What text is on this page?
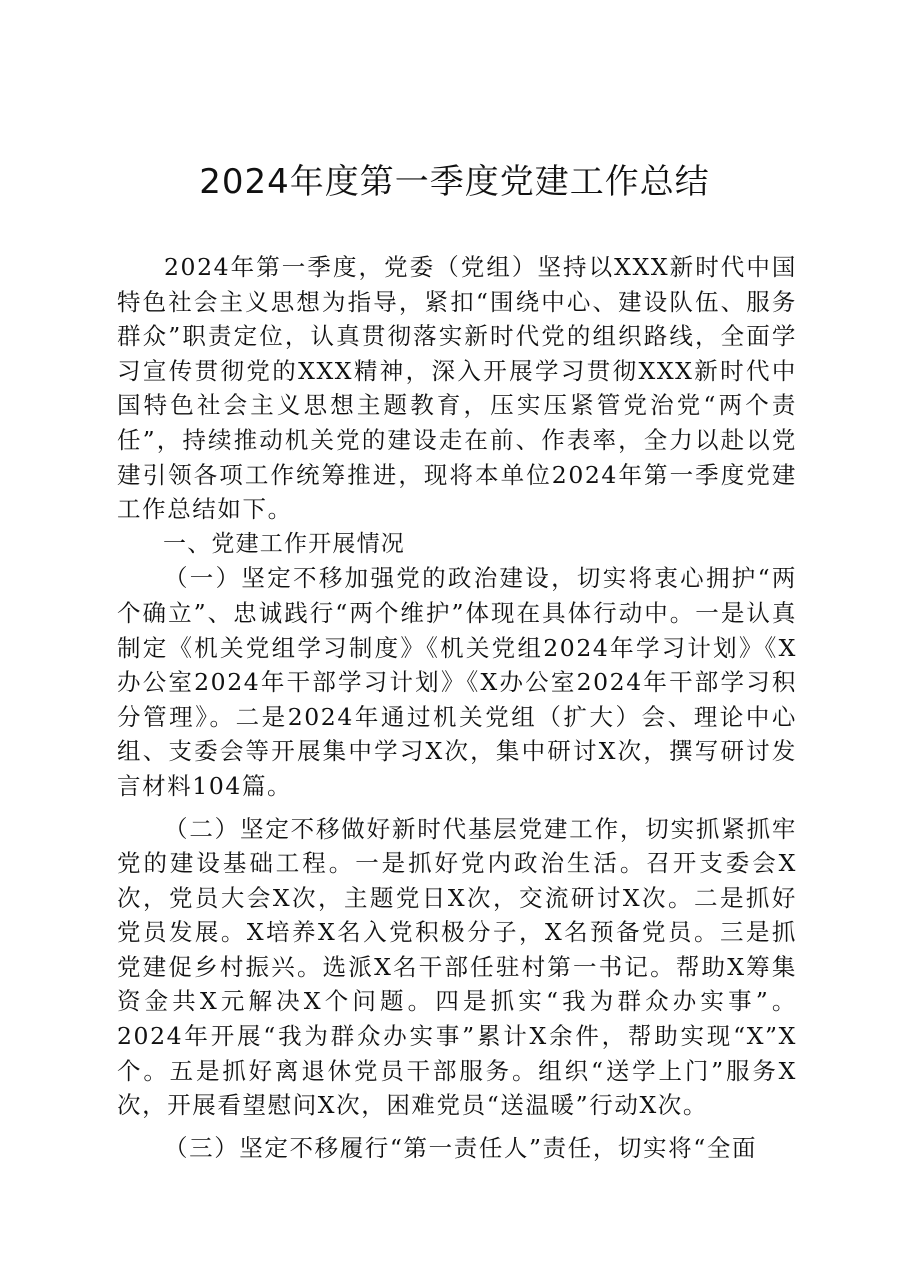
2024年度第一季度党建工作总结

2024年第一季度，党委（党组）坚持以XXX新时代中国特色社会主义思想为指导，紧扣“围绕中心、建设队伍、服务群众”职责定位，认真贯彻落实新时代党的组织路线，全面学习宣传贯彻党的XXX精神，深入开展学习贯彻XXX新时代中国特色社会主义思想主题教育，压实压紧管党治党“两个责任”，持续推动机关党的建设走在前、作表率，全力以赴以党建引领各项工作统筹推进，现将本单位2024年第一季度党建工作总结如下。

一、党建工作开展情况

（一）坚定不移加强党的政治建设，切实将衷心拥护“两个确立”、忠诚践行“两个维护”体现在具体行动中。一是认真制定《机关党组学习制度》《机关党组2024年学习计划》《X办公室2024年干部学习计划》《X办公室2024年干部学习积分管理》。二是2024年通过机关党组（扩大）会、理论中心组、支委会等开展集中学习X次，集中研讨X次，撰写研讨发言材料104篇。

（二）坚定不移做好新时代基层党建工作，切实抓紧抓牢党的建设基础工程。一是抓好党内政治生活。召开支委会X次，党员大会X次，主题党日X次，交流研讨X次。二是抓好党员发展。X培养X名入党积极分子，X名预备党员。三是抓党建促乡村振兴。选派X名干部任驻村第一书记。帮助X筹集资金共X元解决X个问题。四是抓实“我为群众办实事”。2024年开展“我为群众办实事”累计X余件，帮助实现“X”X个。五是抓好离退休党员干部服务。组织“送学上门”服务X次，开展看望慰问X次，困难党员“送温暖”行动X次。

（三）坚定不移履行“第一责任人”责任，切实将“全面
